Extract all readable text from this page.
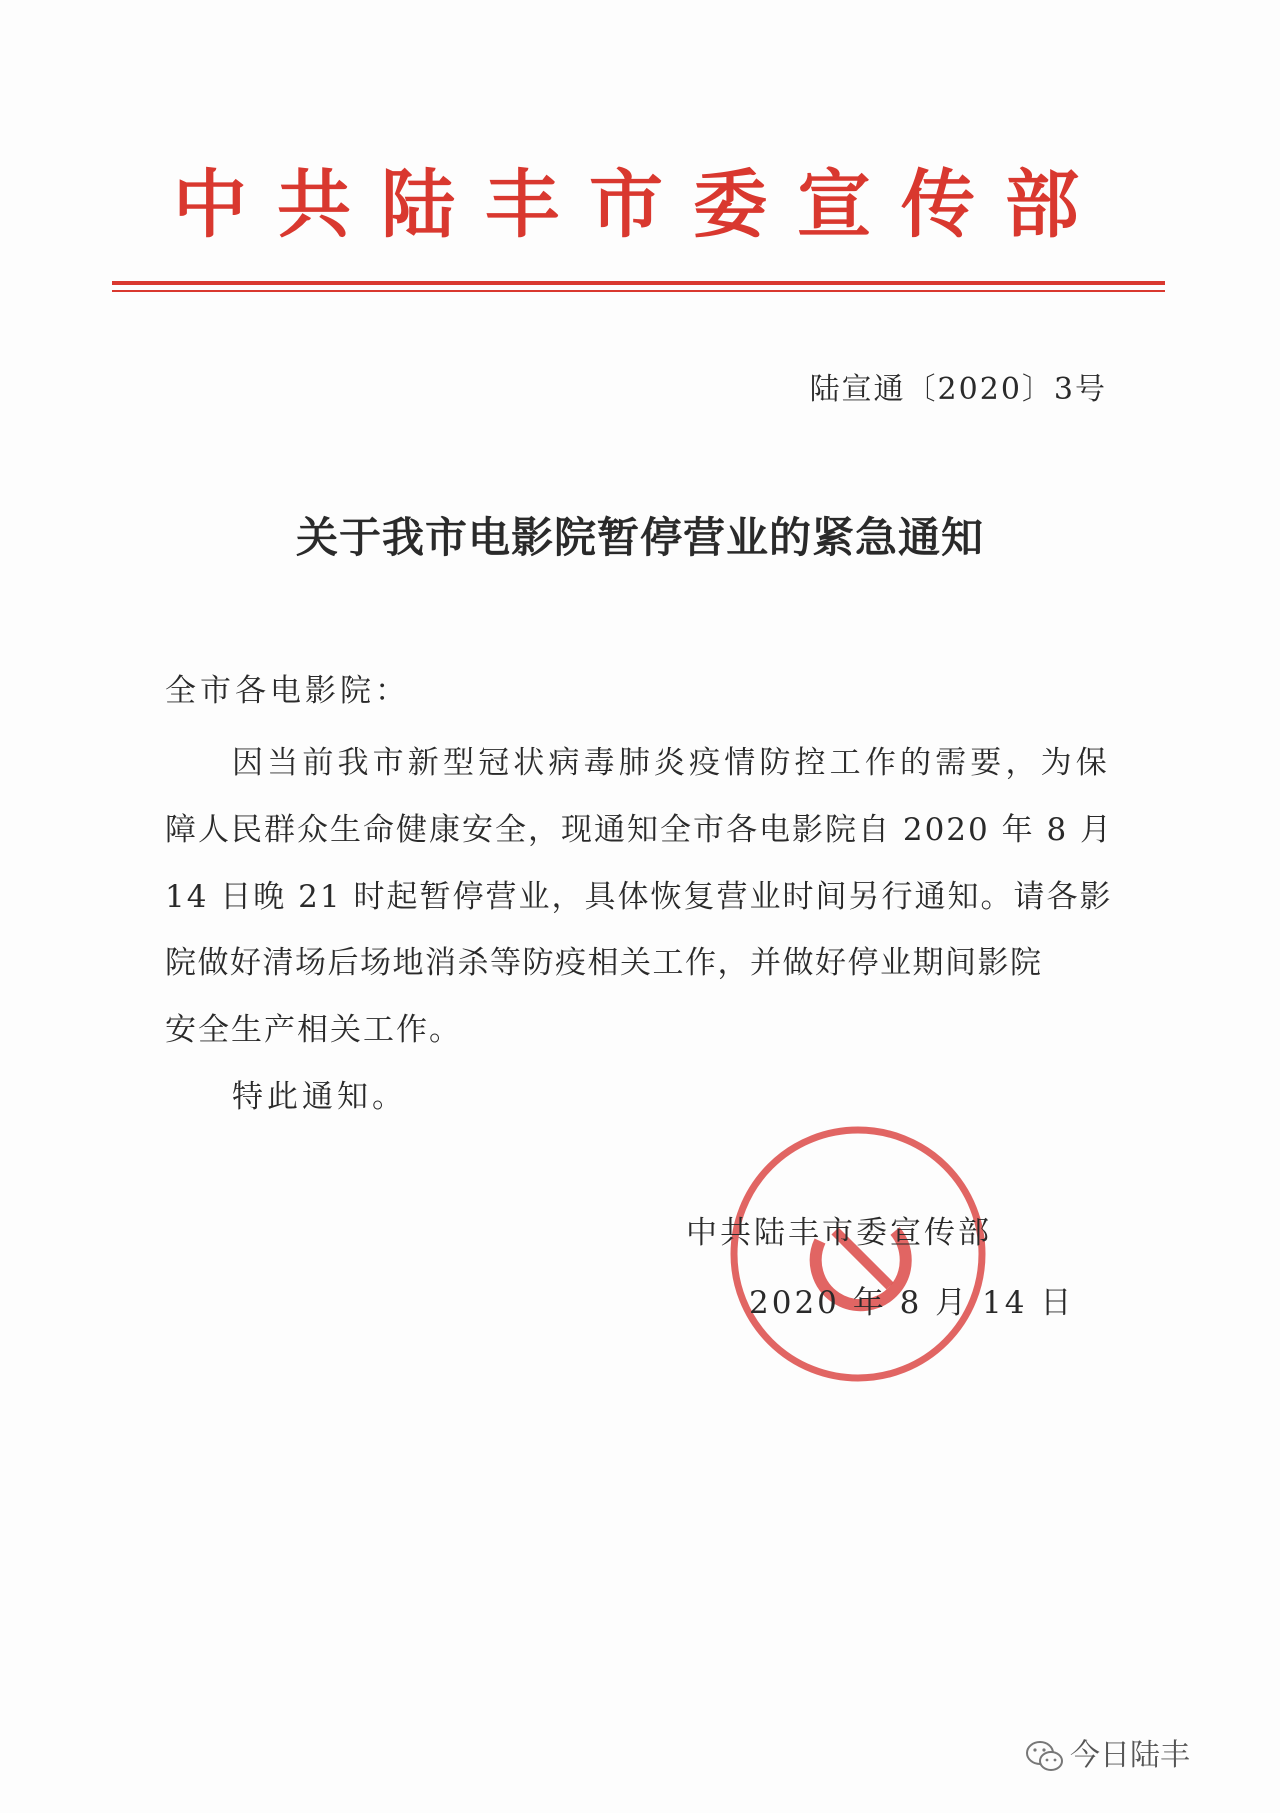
中共陆丰市委宣传部
陆宣通〔2020〕3号
关于我市电影院暂停营业的紧急通知
全市各电影院：
因 当 前 我 市 新 型 冠 状 病 毒 肺 炎 疫 情 防 控 工 作 的 需 要 ， 为 保
障人民群众生命健康安全，现通知全市各电影院自 2020 年 8 月
14 日晚 21 时起暂停营业，具体恢复营业时间另行通知。请各影
院做好清场后场地消杀等防疫相关工作，并做好停业期间影院
安全生产相关工作。
特此通知。
中共陆丰市委宣传部
2020 年 8 月 14 日
今日陆丰
